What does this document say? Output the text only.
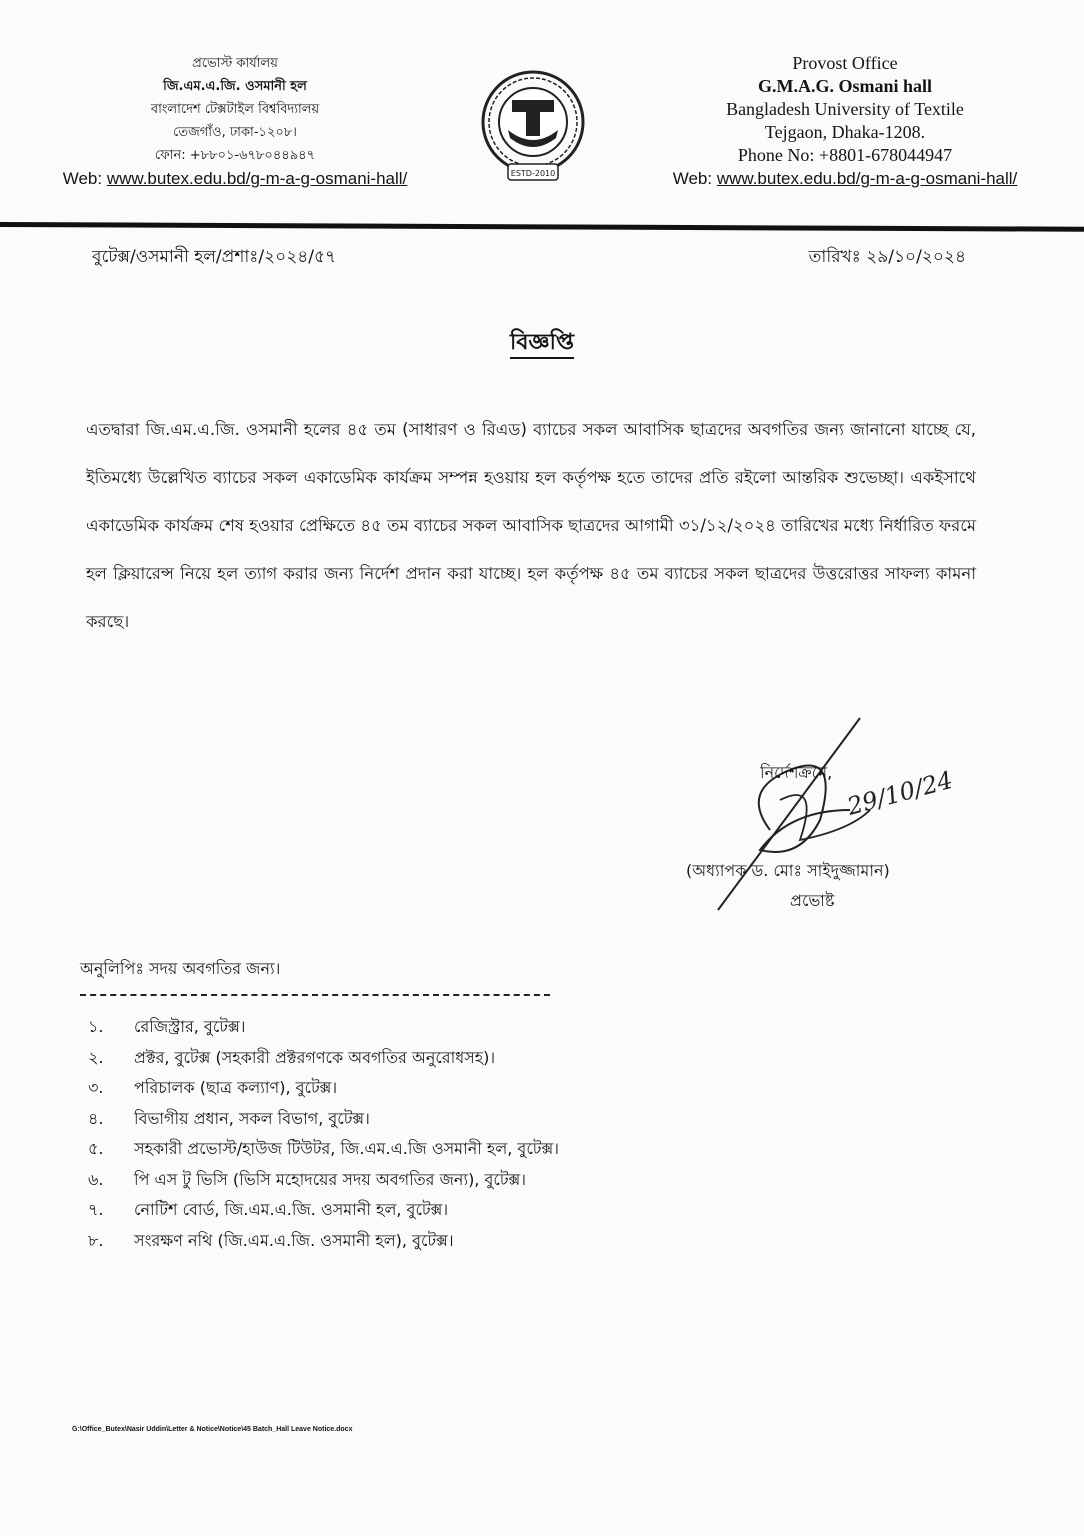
প্রভোস্ট কার্যালয়
জি.এম.এ.জি. ওসমানী হল
বাংলাদেশ টেক্সটাইল বিশ্ববিদ্যালয়
তেজগাঁও, ঢাকা-১২০৮।
ফোন: +৮৮০১-৬৭৮০৪৪৯৪৭
Web: www.butex.edu.bd/g-m-a-g-osmani-hall/	ESTD-2010
Provost Office
G.M.A.G. Osmani hall
Bangladesh University of Textile
Tejgaon, Dhaka-1208.
Phone No: +8801-678044947
Web: www.butex.edu.bd/g-m-a-g-osmani-hall/
বুটেক্স/ওসমানী হল/প্রশাঃ/২০২৪/৫৭	তারিখঃ ২৯/১০/২০২৪
বিজ্ঞপ্তি
এতদ্বারা জি.এম.এ.জি. ওসমানী হলের ৪৫ তম (সাধারণ ও রিএড) ব্যাচের সকল আবাসিক ছাত্রদের অবগতির জন্য জানানো যাচ্ছে যে, ইতিমধ্যে উল্লেখিত ব্যাচের সকল একাডেমিক কার্যক্রম সম্পন্ন হওয়ায় হল কর্তৃপক্ষ হতে তাদের প্রতি রইলো আন্তরিক শুভেচ্ছা। একইসাথে একাডেমিক কার্যক্রম শেষ হওয়ার প্রেক্ষিতে ৪৫ তম ব্যাচের সকল আবাসিক ছাত্রদের আগামী ৩১/১২/২০২৪ তারিখের মধ্যে নির্ধারিত ফরমে হল ক্লিয়ারেন্স নিয়ে হল ত্যাগ করার জন্য নির্দেশ প্রদান করা যাচ্ছে। হল কর্তৃপক্ষ ৪৫ তম ব্যাচের সকল ছাত্রদের উত্তরোত্তর সাফল্য কামনা করছে।
29/10/24
নির্দেশক্রমে,
(অধ্যাপক ড. মোঃ সাইদুজ্জামান)
প্রভোষ্ট
অনুলিপিঃ সদয় অবগতির জন্য।
১.	রেজিস্ট্রার, বুটেক্স।
২.	প্রক্টর, বুটেক্স (সহকারী প্রক্টরগণকে অবগতির অনুরোধসহ)।
৩.	পরিচালক (ছাত্র কল্যাণ), বুটেক্স।
৪.	বিভাগীয় প্রধান, সকল বিভাগ, বুটেক্স।
৫.	সহকারী প্রভোস্ট/হাউজ টিউটর, জি.এম.এ.জি ওসমানী হল, বুটেক্স।
৬.	পি এস টু ভিসি (ভিসি মহোদয়ের সদয় অবগতির জন্য), বুটেক্স।
৭.	নোটিশ বোর্ড, জি.এম.এ.জি. ওসমানী হল, বুটেক্স।
৮.	সংরক্ষণ নথি (জি.এম.এ.জি. ওসমানী হল), বুটেক্স।
G:\Office_Butex\Nasir Uddin\Letter & Notice\Notice\45 Batch_Hall Leave Notice.docx
